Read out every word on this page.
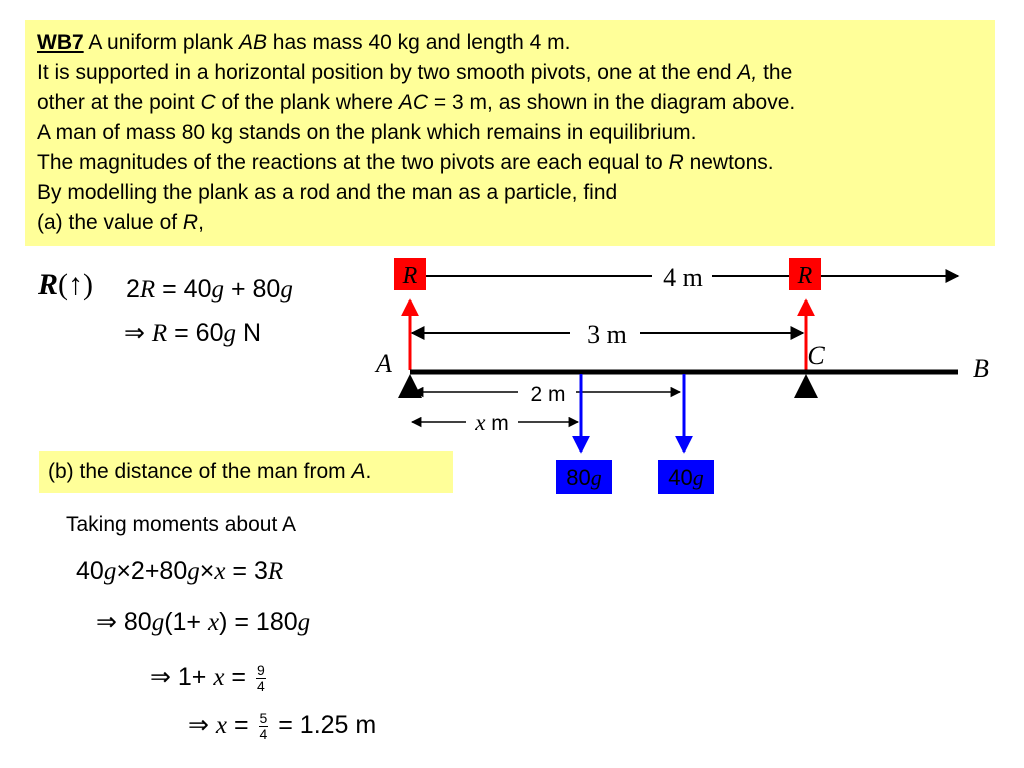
WB7 A uniform plank AB has mass 40 kg and length 4 m.
It is supported in a horizontal position by two smooth pivots, one at the end A, the
other at the point C of the plank where AC = 3 m, as shown in the diagram above.
A man of mass 80 kg stands on the plank which remains in equilibrium.
The magnitudes of the reactions at the two pivots are each equal to R newtons.
By modelling the plank as a rod and the man as a particle, find
(a) the value of R,
R(↑) 2R = 40g + 80g
⇒ R = 60g N
(b) the distance of the man from A.
Taking moments about A
40g×2+80g×x = 3R
⇒ 80g(1+ x) = 180g
⇒ $1+ x = \frac{9}{4}$
⇒ $x = \frac{5}{4} = 1.25$ m
4 m
R	R
3 m
A	B
C
2 m
x m
80g	40g
